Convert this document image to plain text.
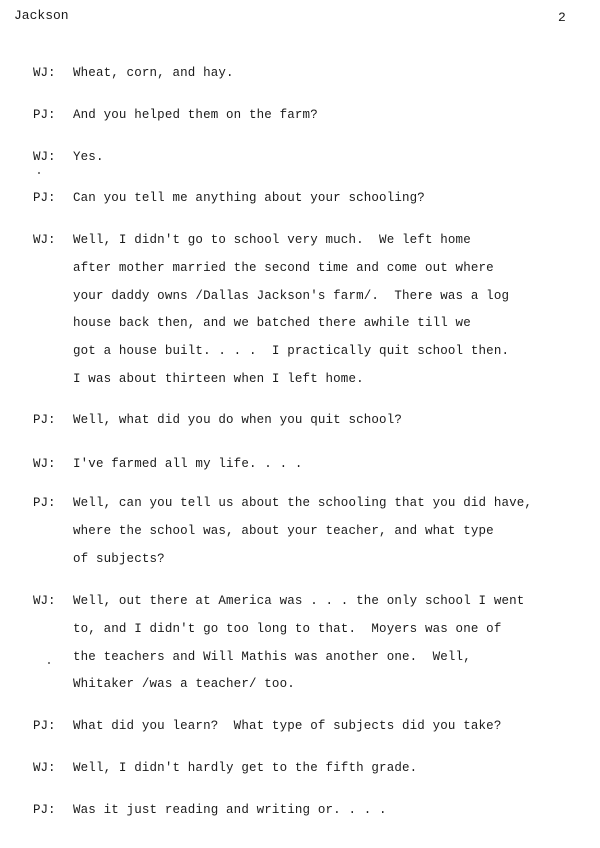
Jackson	2
WJ: Wheat, corn, and hay.
PJ: And you helped them on the farm?
WJ: Yes.
PJ: Can you tell me anything about your schooling?
WJ: Well, I didn't go to school very much.  We left home
after mother married the second time and come out where
your daddy owns /Dallas Jackson's farm/.  There was a log
house back then, and we batched there awhile till we
got a house built. . . .  I practically quit school then.
I was about thirteen when I left home.
PJ: Well, what did you do when you quit school?
WJ: I've farmed all my life. . . .
PJ: Well, can you tell us about the schooling that you did have,
where the school was, about your teacher, and what type
of subjects?
WJ: Well, out there at America was . . . the only school I went
to, and I didn't go too long to that.  Moyers was one of
the teachers and Will Mathis was another one.  Well,
Whitaker /was a teacher/ too.
PJ: What did you learn?  What type of subjects did you take?
WJ: Well, I didn't hardly get to the fifth grade.
PJ: Was it just reading and writing or. . . .
